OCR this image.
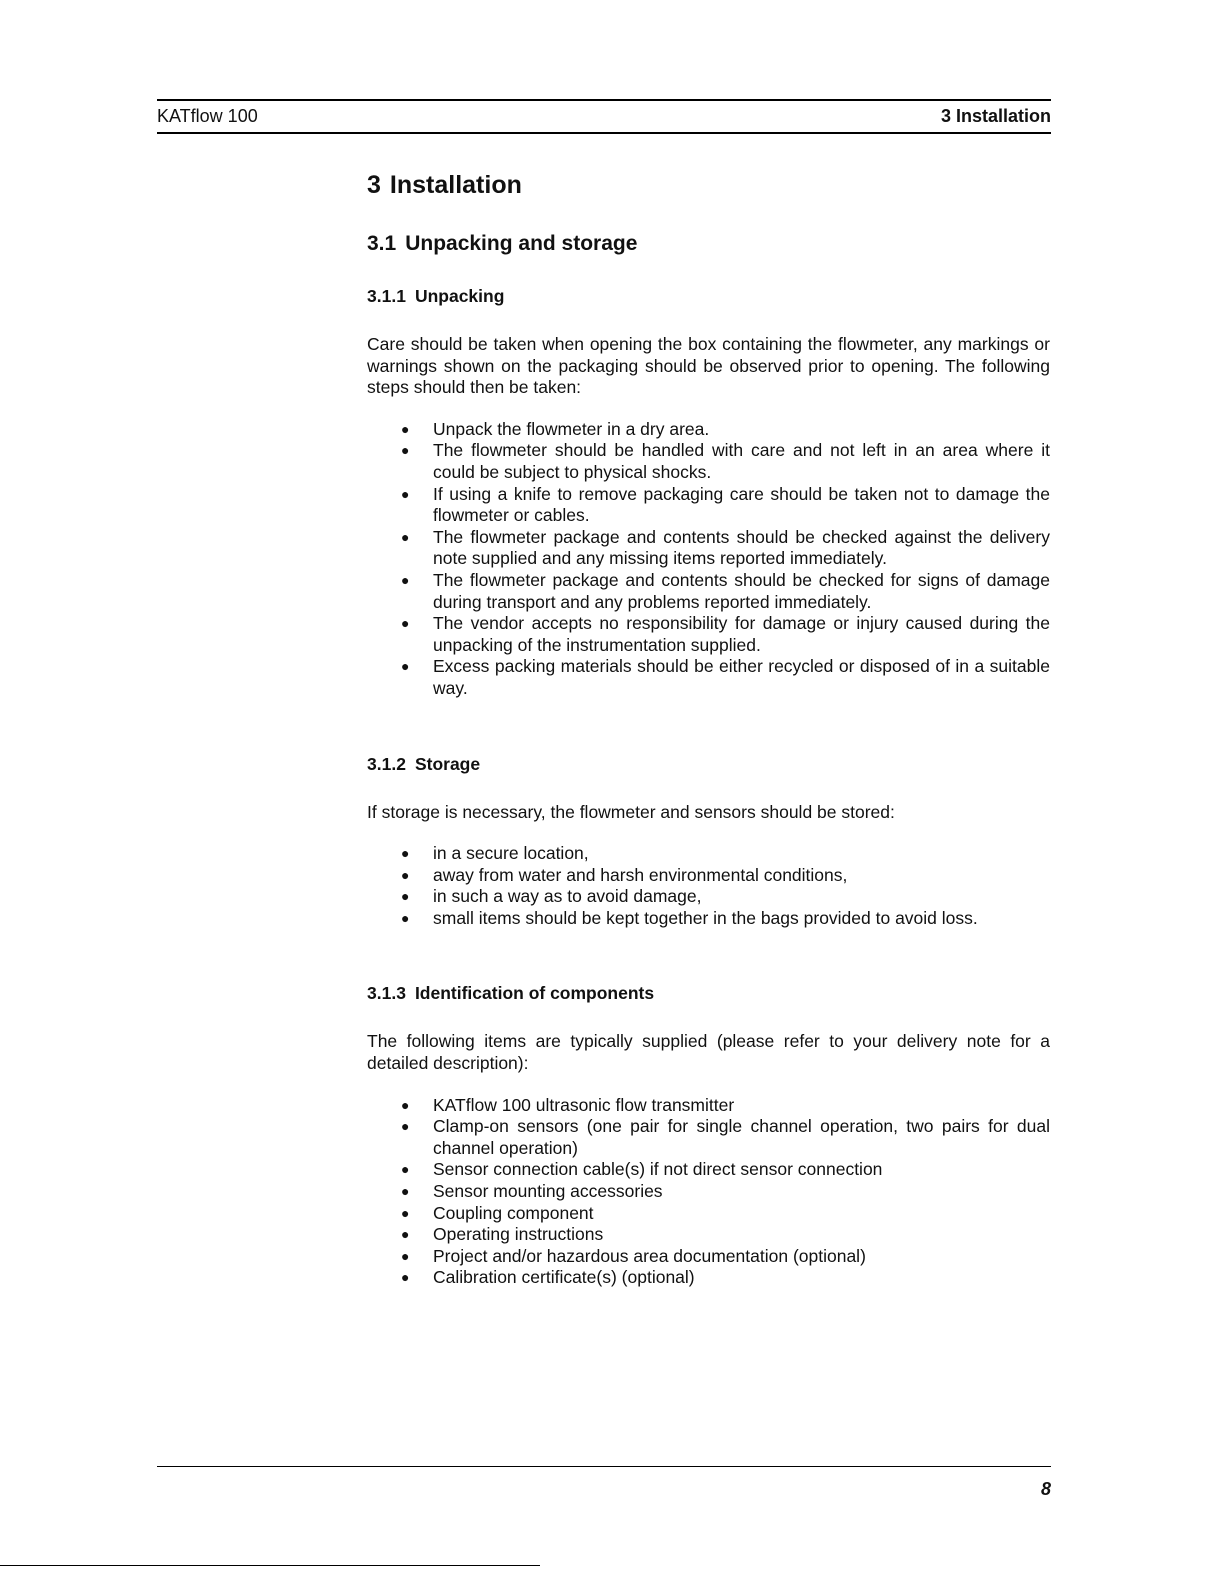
KATflow 100	3 Installation
3 Installation
3.1 Unpacking and storage
3.1.1 Unpacking

Care should be taken when opening the box containing the flowmeter, any markings or warnings shown on the packaging should be observed prior to opening. The following steps should then be taken:

● Unpack the flowmeter in a dry area.
● The flowmeter should be handled with care and not left in an area where it could be subject to physical shocks.
● If using a knife to remove packaging care should be taken not to damage the flowmeter or cables.
● The flowmeter package and contents should be checked against the delivery note supplied and any missing items reported immediately.
● The flowmeter package and contents should be checked for signs of damage during transport and any problems reported immediately.
● The vendor accepts no responsibility for damage or injury caused during the unpacking of the instrumentation supplied.
● Excess packing materials should be either recycled or disposed of in a suitable way.
3.1.2 Storage

If storage is necessary, the flowmeter and sensors should be stored:

● in a secure location,
● away from water and harsh environmental conditions,
● in such a way as to avoid damage,
● small items should be kept together in the bags provided to avoid loss.
3.1.3 Identification of components

The following items are typically supplied (please refer to your delivery note for a detailed description):

● KATflow 100 ultrasonic flow transmitter
● Clamp-on sensors (one pair for single channel operation, two pairs for dual channel operation)
● Sensor connection cable(s) if not direct sensor connection
● Sensor mounting accessories
● Coupling component
● Operating instructions
● Project and/or hazardous area documentation (optional)
● Calibration certificate(s) (optional)
8
